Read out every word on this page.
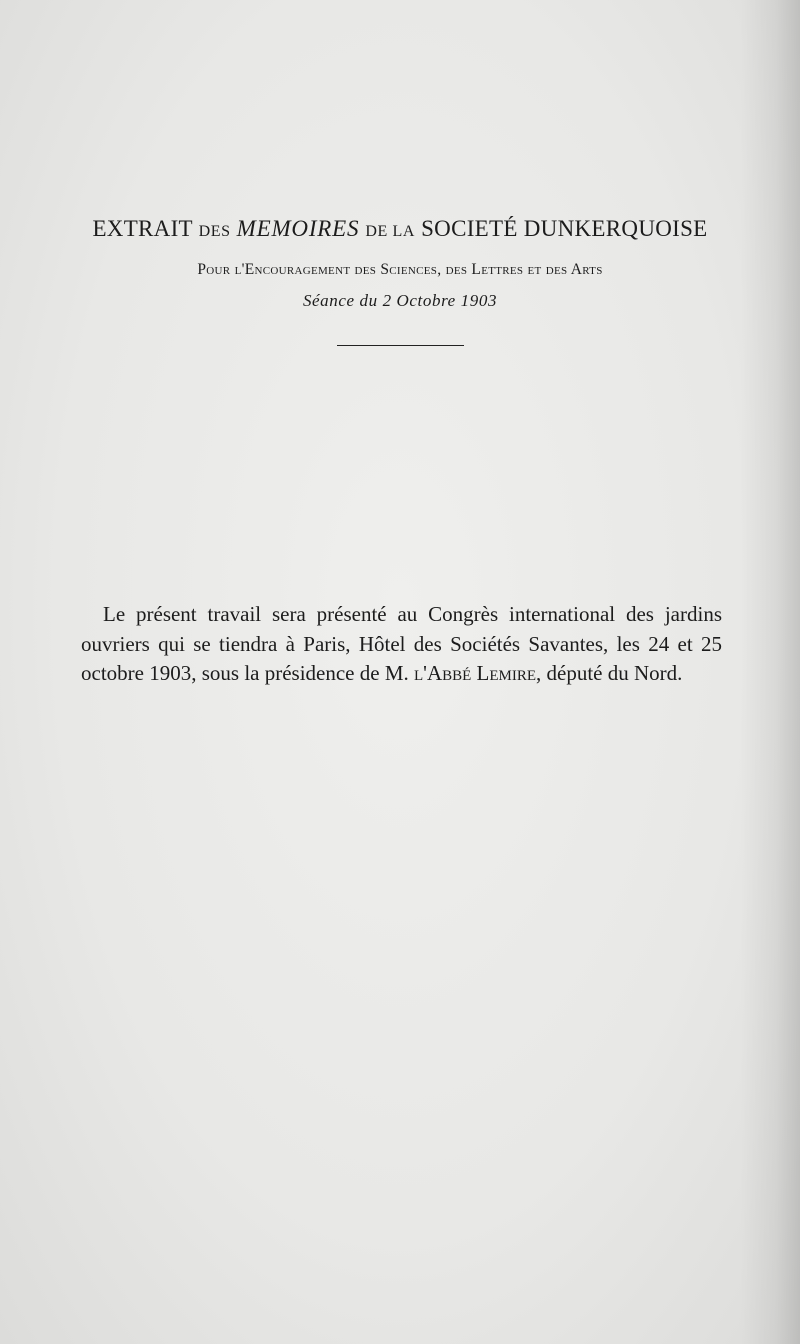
EXTRAIT DES MEMOIRES DE LA SOCIETÉ DUNKERQUOISE
Pour l'Encouragement des Sciences, des Lettres et des Arts
Séance du 2 Octobre 1903

Le présent travail sera présenté au Congrès international des jardins ouvriers qui se tiendra à Paris, Hôtel des Sociétés Savantes, les 24 et 25 octobre 1903, sous la présidence de M. l'Abbé Lemire, député du Nord.
